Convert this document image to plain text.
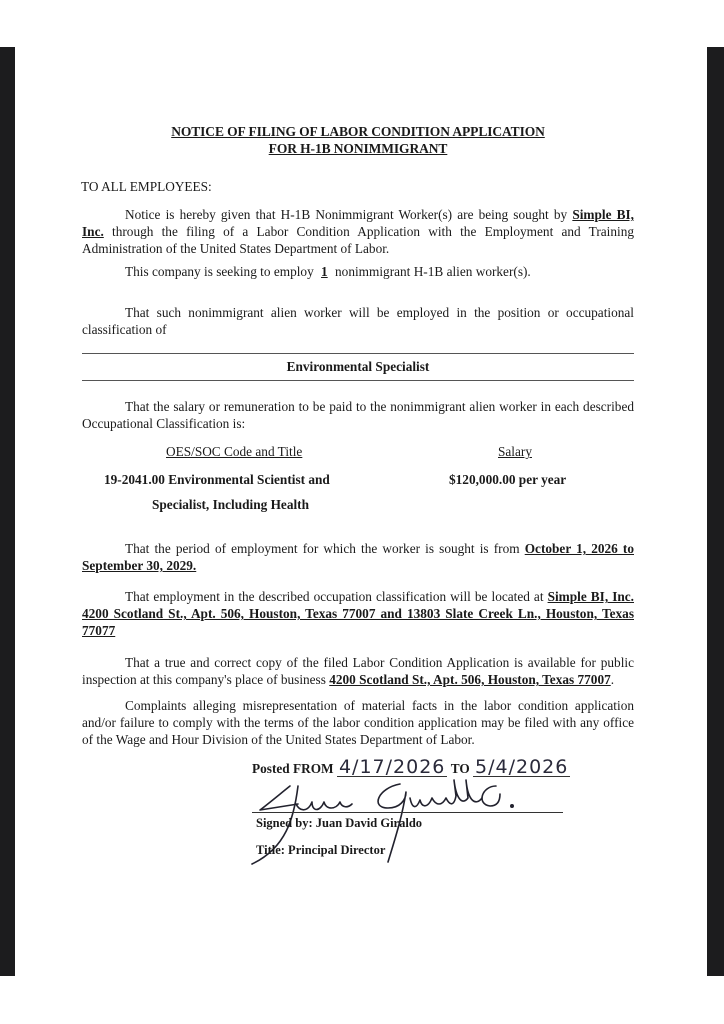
NOTICE OF FILING OF LABOR CONDITION APPLICATION
FOR H-1B NONIMMIGRANT
TO ALL EMPLOYEES:
Notice is hereby given that H-1B Nonimmigrant Worker(s) are being sought by Simple BI, Inc. through the filing of a Labor Condition Application with the Employment and Training Administration of the United States Department of Labor.
This company is seeking to employ 1 nonimmigrant H-1B alien worker(s).
That such nonimmigrant alien worker will be employed in the position or occupational classification of
Environmental Specialist
That the salary or remuneration to be paid to the nonimmigrant alien worker in each described Occupational Classification is:
OES/SOC Code and Title	Salary
19-2041.00 Environmental Scientist and	$120,000.00 per year
Specialist, Including Health
That the period of employment for which the worker is sought is from October 1, 2026 to September 30, 2029.
That employment in the described occupation classification will be located at Simple BI, Inc. 4200 Scotland St., Apt. 506, Houston, Texas 77007 and 13803 Slate Creek Ln., Houston, Texas 77077
That a true and correct copy of the filed Labor Condition Application is available for public inspection at this company's place of business 4200 Scotland St., Apt. 506, Houston, Texas 77007.
Complaints alleging misrepresentation of material facts in the labor condition application and/or failure to comply with the terms of the labor condition application may be filed with any office of the Wage and Hour Division of the United States Department of Labor.
Posted FROM 4/17/2026 TO 5/4/2026
Juan Giraldo G.
Signed by: Juan David Giraldo
Title: Principal Director
